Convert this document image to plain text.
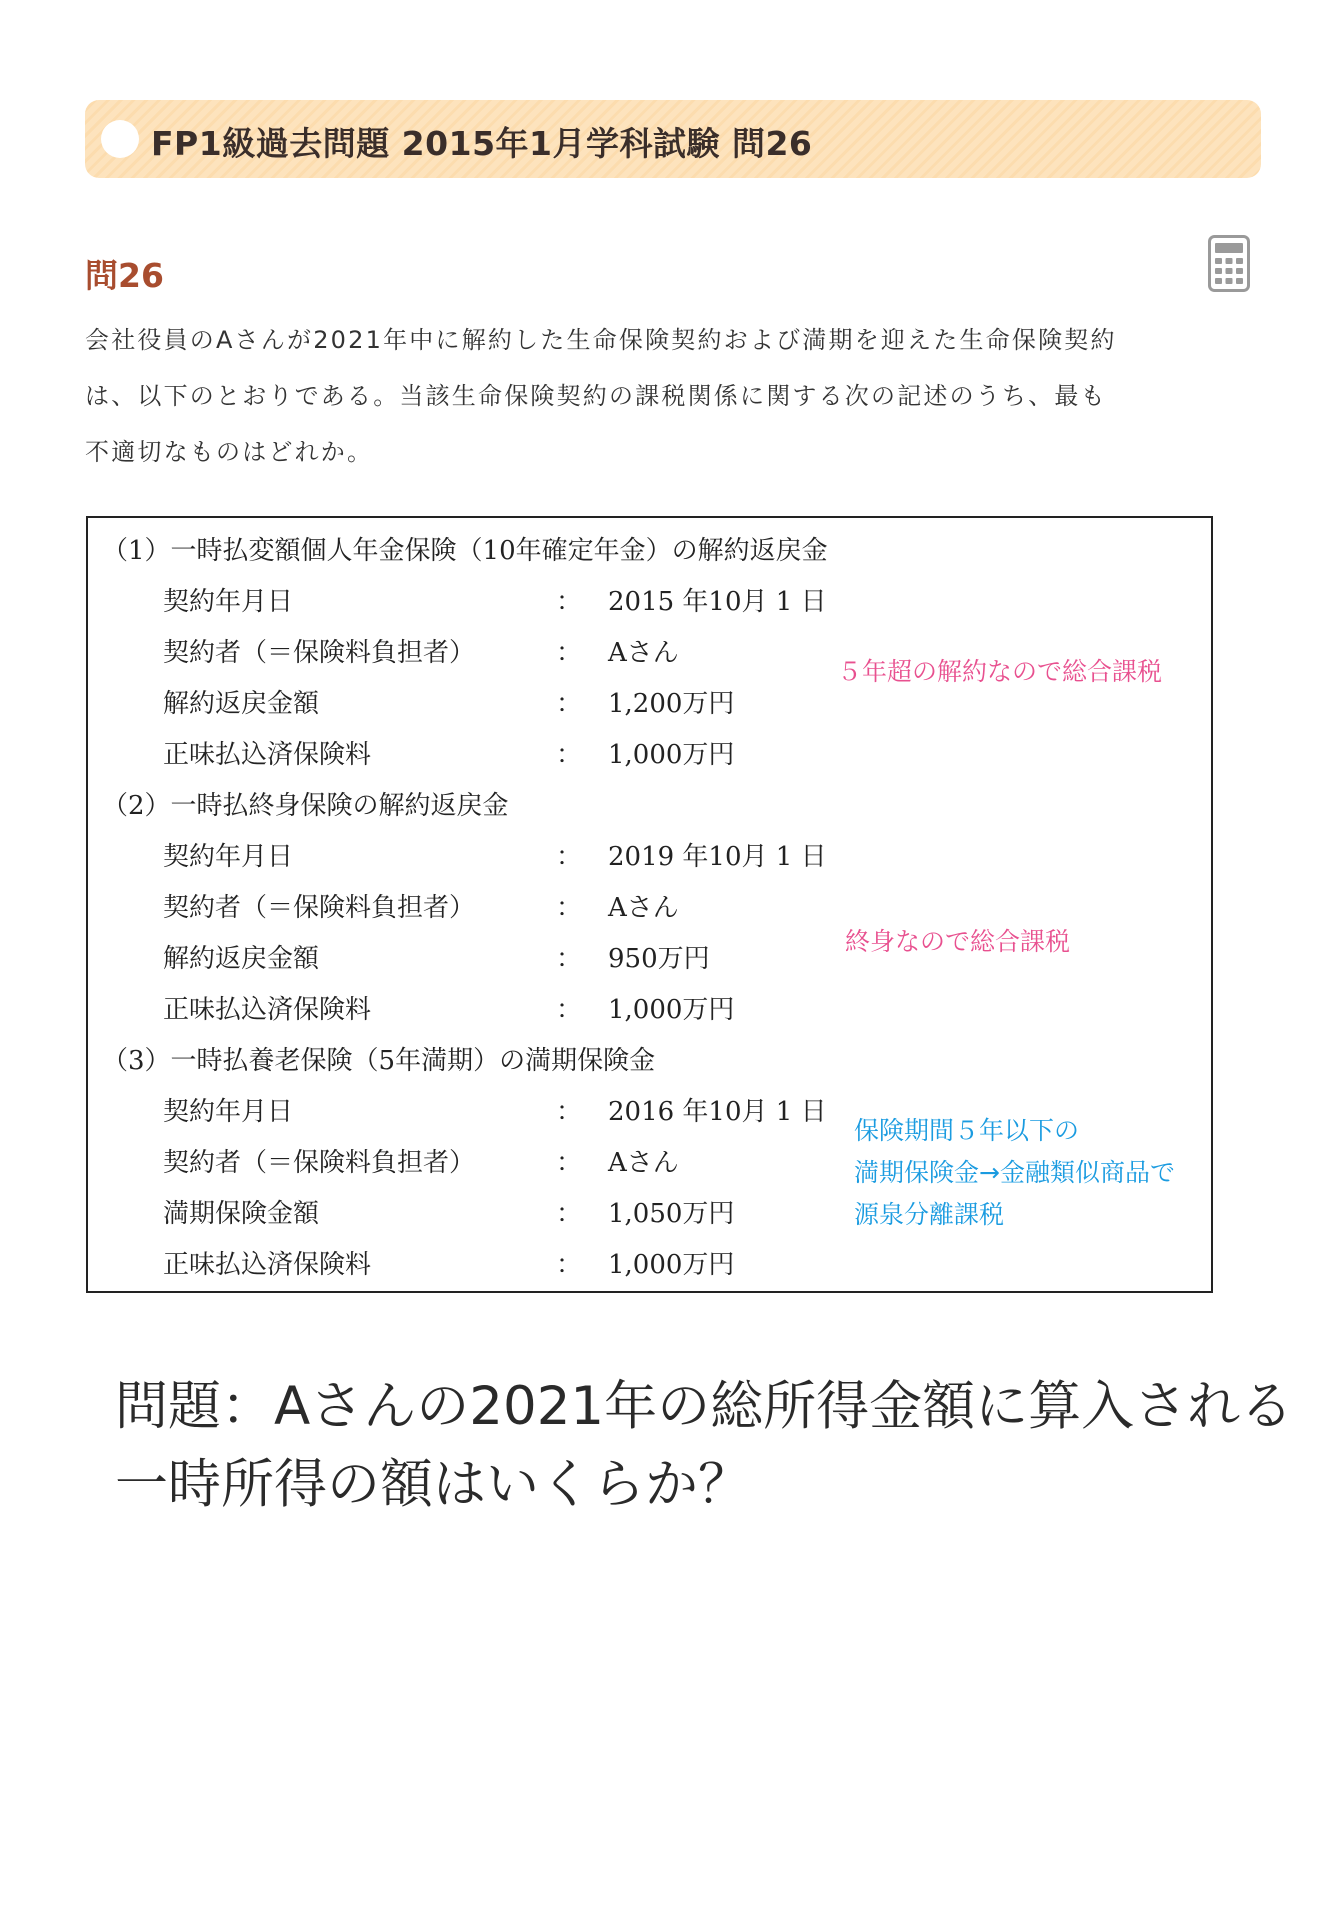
FP1級過去問題 2015年1月学科試験 問26
問26
会社役員のAさんが2021年中に解約した生命保険契約および満期を迎えた生命保険契約
は、以下のとおりである。当該生命保険契約の課税関係に関する次の記述のうち、最も
不適切なものはどれか。
（1）一時払変額個人年金保険（10年確定年金）の解約返戻金
契約年月日	： 2015 年10月 1 日
契約者（＝保険料負担者）	： Aさん
解約返戻金額	： 1,200万円
正味払込済保険料	： 1,000万円
（2）一時払終身保険の解約返戻金
契約年月日	： 2019 年10月 1 日
契約者（＝保険料負担者）	： Aさん
解約返戻金額	： 950万円
正味払込済保険料	： 1,000万円
（3）一時払養老保険（5年満期）の満期保険金
契約年月日	： 2016 年10月 1 日
契約者（＝保険料負担者）	： Aさん
満期保険金額	： 1,050万円
正味払込済保険料	： 1,000万円
５年超の解約なので総合課税
終身なので総合課税
保険期間５年以下の
満期保険金→金融類似商品で
源泉分離課税
問題：Aさんの2021年の総所得金額に算入される
一時所得の額はいくらか？
